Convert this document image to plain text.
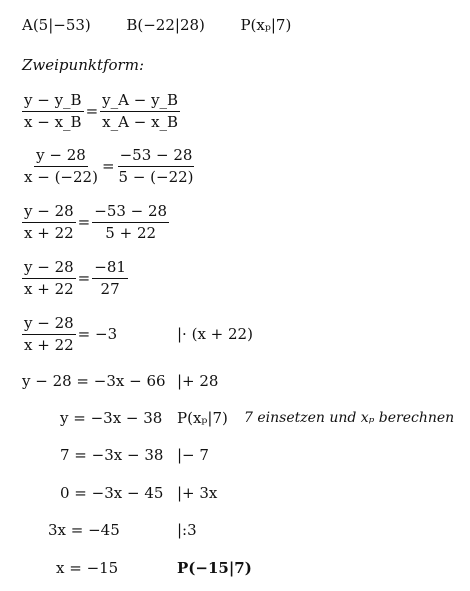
A(5|−53) B(−22|28) P(xₚ|7)
Zweipunktform:
$\frac{y - y\_B}{x - x\_B} = \frac{y\_A - y\_B}{x\_A - x\_B}$
$\frac{y - 28}{x - (-22)} = \frac{-53 - 28}{5 - (-22)}$
$\frac{y - 28}{x + 22} = \frac{-53 - 28}{5 + 22}$
$\frac{y - 28}{x + 22} = \frac{-81}{27}$
$\frac{y - 28}{x + 22} = -3$	|· (x + 22)
y − 28 = −3x − 66 |+ 28
y = −3x − 38 P(xₚ|7) 7 einsetzen und xₚ berechnen
7 = −3x − 38 |− 7
0 = −3x − 45 |+ 3x
3x = −45	|:3
x = −15	P(−15|7)
